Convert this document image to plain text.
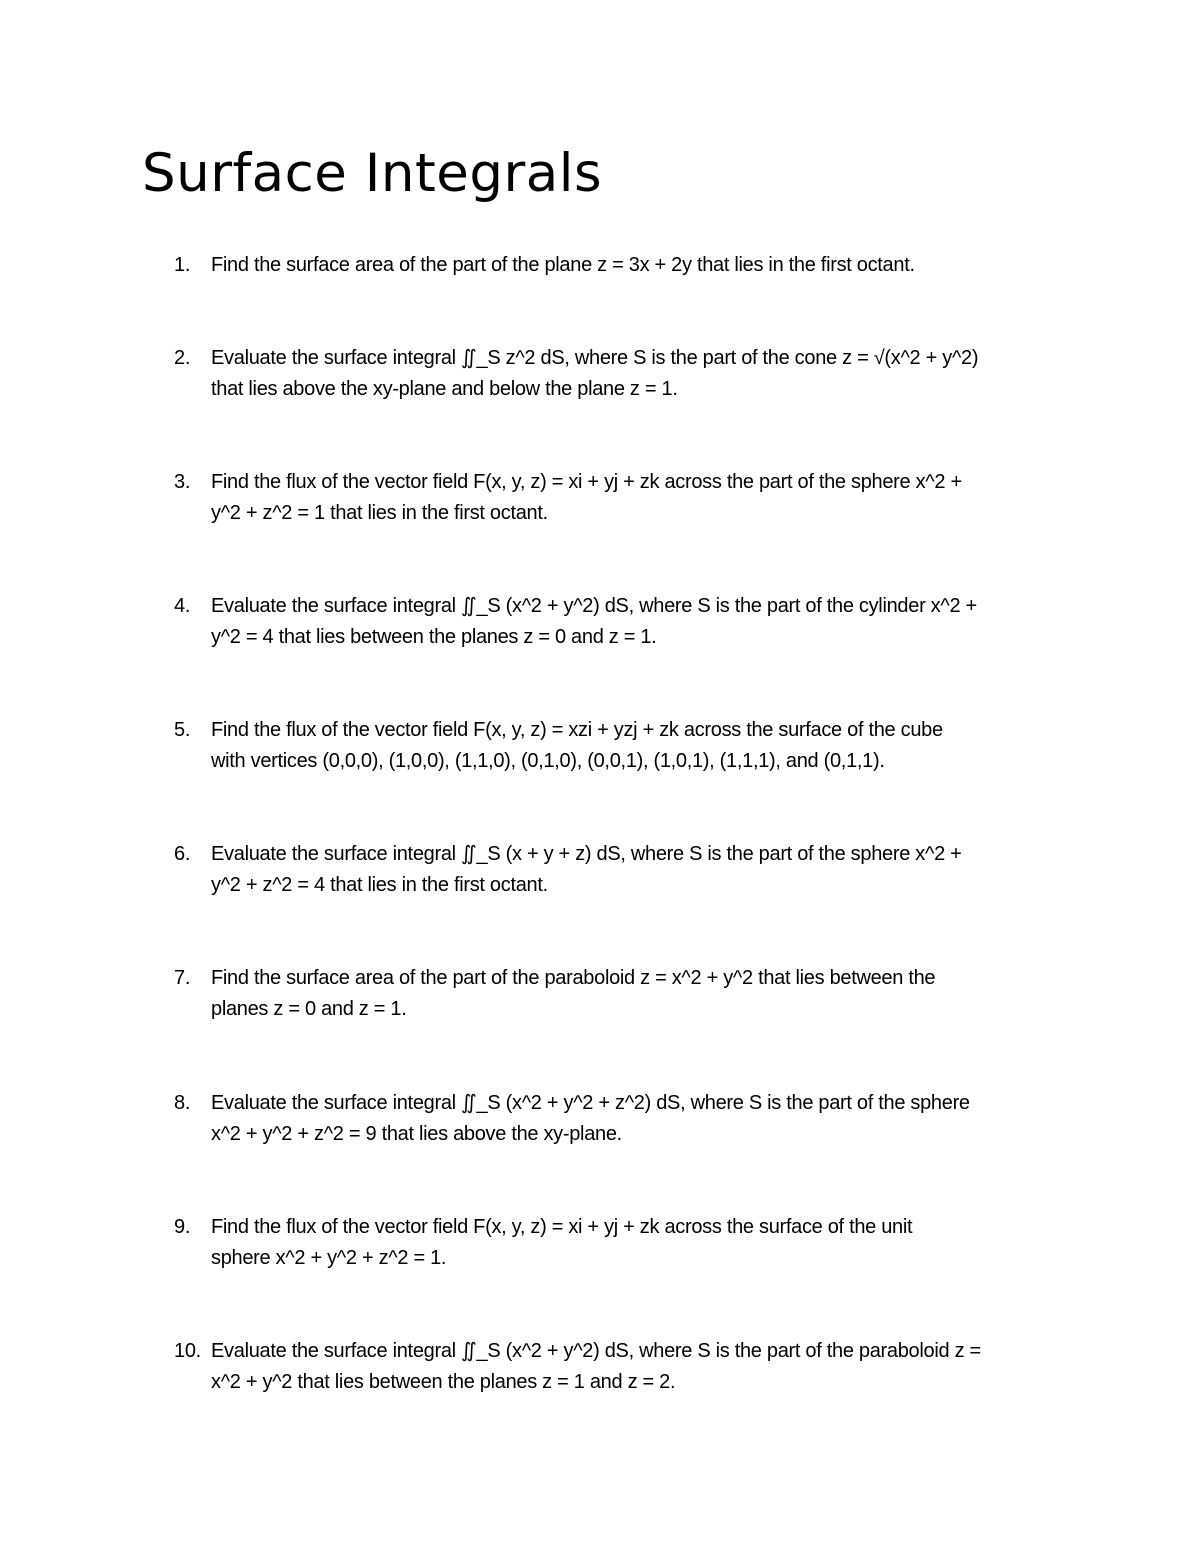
Surface Integrals
1. Find the surface area of the part of the plane z = 3x + 2y that lies in the first octant.
2. Evaluate the surface integral ∬_S z^2 dS, where S is the part of the cone z = √(x^2 + y^2)
that lies above the xy-plane and below the plane z = 1.
3. Find the flux of the vector field F(x, y, z) = xi + yj + zk across the part of the sphere x^2 +
y^2 + z^2 = 1 that lies in the first octant.
4. Evaluate the surface integral ∬_S (x^2 + y^2) dS, where S is the part of the cylinder x^2 +
y^2 = 4 that lies between the planes z = 0 and z = 1.
5. Find the flux of the vector field F(x, y, z) = xzi + yzj + zk across the surface of the cube
with vertices (0,0,0), (1,0,0), (1,1,0), (0,1,0), (0,0,1), (1,0,1), (1,1,1), and (0,1,1).
6. Evaluate the surface integral ∬_S (x + y + z) dS, where S is the part of the sphere x^2 +
y^2 + z^2 = 4 that lies in the first octant.
7. Find the surface area of the part of the paraboloid z = x^2 + y^2 that lies between the
planes z = 0 and z = 1.
8. Evaluate the surface integral ∬_S (x^2 + y^2 + z^2) dS, where S is the part of the sphere
x^2 + y^2 + z^2 = 9 that lies above the xy-plane.
9. Find the flux of the vector field F(x, y, z) = xi + yj + zk across the surface of the unit
sphere x^2 + y^2 + z^2 = 1.
10. Evaluate the surface integral ∬_S (x^2 + y^2) dS, where S is the part of the paraboloid z =
x^2 + y^2 that lies between the planes z = 1 and z = 2.
